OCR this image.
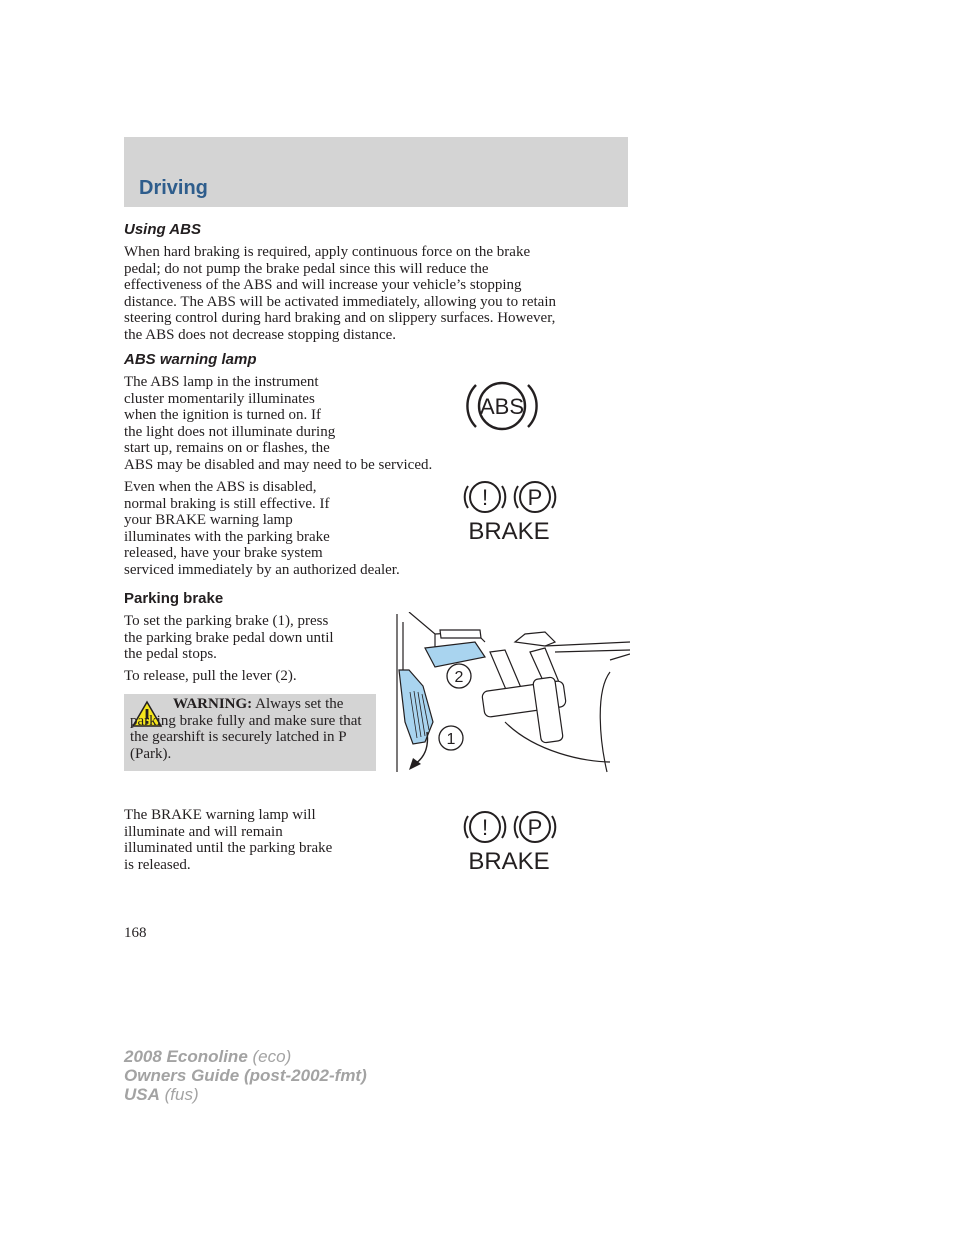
Driving
Using ABS
When hard braking is required, apply continuous force on the brake
pedal; do not pump the brake pedal since this will reduce the
effectiveness of the ABS and will increase your vehicle’s stopping
distance. The ABS will be activated immediately, allowing you to retain
steering control during hard braking and on slippery surfaces. However,
the ABS does not decrease stopping distance.
ABS warning lamp
The ABS lamp in the instrument
cluster momentarily illuminates
when the ignition is turned on. If
the light does not illuminate during
start up, remains on or flashes, the
ABS may be disabled and may need to be serviced.
ABS
Even when the ABS is disabled,
normal braking is still effective. If
your BRAKE warning lamp
illuminates with the parking brake
released, have your brake system
serviced immediately by an authorized dealer.
! P
BRAKE
Parking brake
To set the parking brake (1), press
the parking brake pedal down until
the pedal stops.
To release, pull the lever (2).
WARNING: Always set the parking brake fully and make sure that the gearshift is securely latched in P (Park).
2
1
The BRAKE warning lamp will
illuminate and will remain
illuminated until the parking brake
is released.
! P
BRAKE
168
2008 Econoline (eco)
Owners Guide (post-2002-fmt)
USA (fus)
